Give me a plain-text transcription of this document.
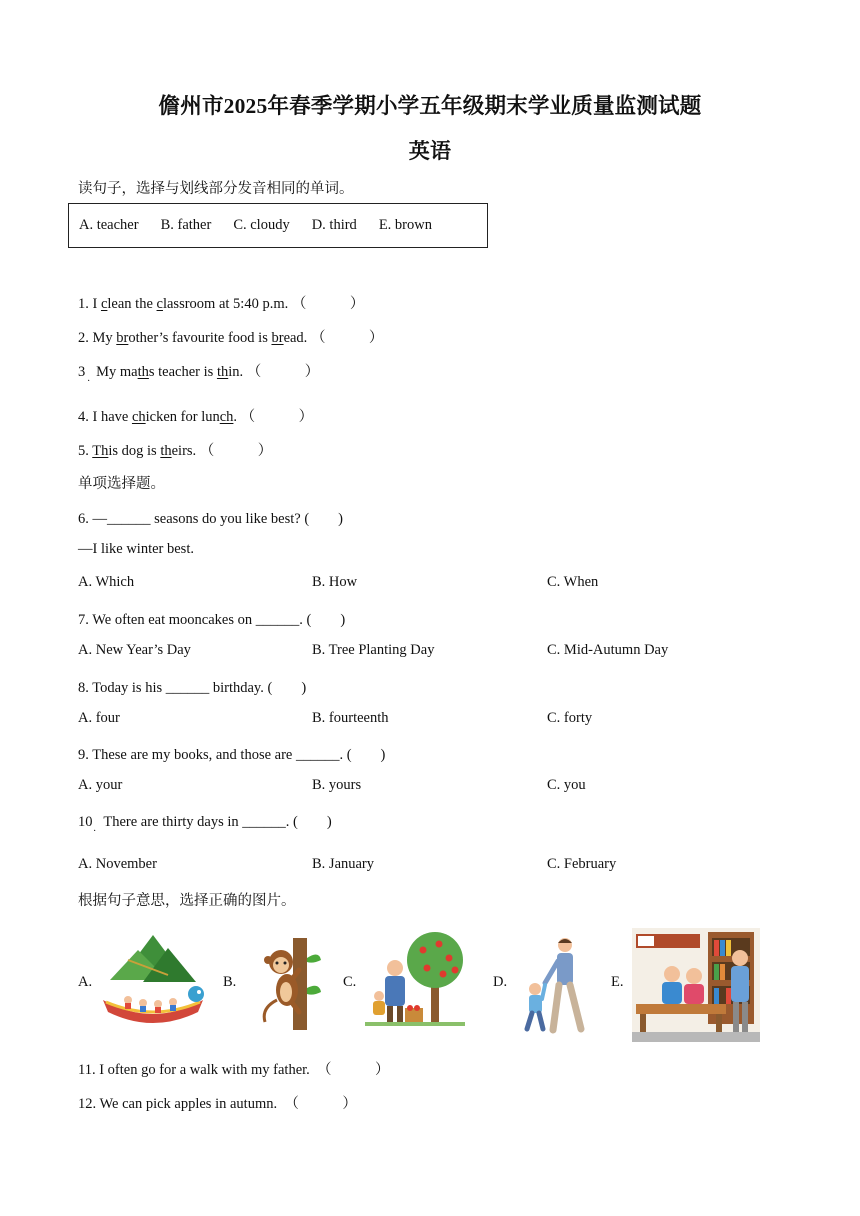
儋州市2025年春季学期小学五年级期末学业质量监测试题
英语
读句子，选择与划线部分发音相同的单词。
A. teacher B. father C. cloudy D. third E. brown
1. I clean the classroom at 5:40 p.m. （　　　）
2. My brother’s favourite food is bread. （　　　）
3 My maths teacher is thin. （　　　）
·
4. I have chicken for lunch. （　　　）
5. This dog is theirs. （　　　）
单项选择题。
6. —______ seasons do you like best? (　　)
—I like winter best.
A. Which	B. How	C. When
7. We often eat mooncakes on ______. (　　)
A. New Year’s Day	B. Tree Planting Day	C. Mid-Autumn Day
8. Today is his ______ birthday. (　　)
A. four	B. fourteenth	C. forty
9. These are my books, and those are ______. (　　)
A. your	B. yours	C. you
10 There are thirty days in ______. (　　)
·
A. November	B. January	C. February
根据句子意思，选择正确的图片。
A.	B.	C.	D.	E.
11. I often go for a walk with my father.　（　　　）
12. We can pick apples in autumn.　（　　　）
